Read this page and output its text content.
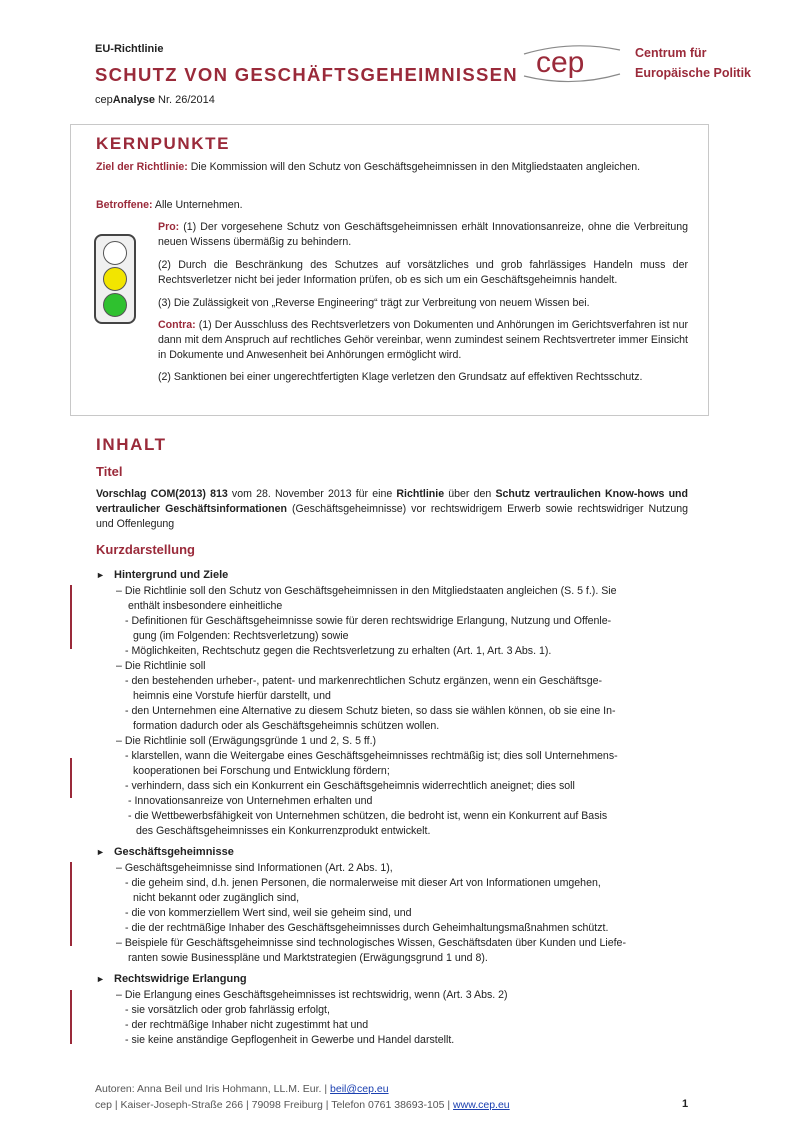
EU-Richtlinie
SCHUTZ VON GESCHÄFTSGEHEIMNISSEN
cepAnalyse Nr. 26/2014
cep	Centrum für
Europäische Politik
KERNPUNKTE
Ziel der Richtlinie: Die Kommission will den Schutz von Geschäftsgeheimnissen in den Mitgliedstaaten angleichen.
Betroffene: Alle Unternehmen.
Pro: (1) Der vorgesehene Schutz von Geschäftsgeheimnissen erhält Innovationsanreize, ohne die Verbreitung neuen Wissens übermäßig zu behindern.
(2) Durch die Beschränkung des Schutzes auf vorsätzliches und grob fahrlässiges Handeln muss der Rechtsverletzer nicht bei jeder Information prüfen, ob es sich um ein Geschäftsgeheimnis handelt.
(3) Die Zulässigkeit von „Reverse Engineering“ trägt zur Verbreitung von neuem Wissen bei.
Contra: (1) Der Ausschluss des Rechtsverletzers von Dokumenten und Anhörungen im Gerichtsverfahren ist nur dann mit dem Anspruch auf rechtliches Gehör vereinbar, wenn zumindest seinem Rechtsvertreter immer Einsicht in Dokumente und Anwesenheit bei Anhörungen ermöglicht wird.
(2) Sanktionen bei einer ungerechtfertigten Klage verletzen den Grundsatz auf effektiven Rechtsschutz.
INHALT
Titel
Vorschlag COM(2013) 813 vom 28. November 2013 für eine Richtlinie über den Schutz vertraulichen Know-hows und vertraulicher Geschäftsinformationen (Geschäftsgeheimnisse) vor rechtswidrigem Erwerb sowie rechtswidriger Nutzung und Offenlegung
Kurzdarstellung
► Hintergrund und Ziele
– Die Richtlinie soll den Schutz von Geschäftsgeheimnissen in den Mitgliedstaaten angleichen (S. 5 f.). Sie
enthält insbesondere einheitliche
- Definitionen für Geschäftsgeheimnisse sowie für deren rechtswidrige Erlangung, Nutzung und Offenle-
gung (im Folgenden: Rechtsverletzung) sowie
- Möglichkeiten, Rechtschutz gegen die Rechtsverletzung zu erhalten (Art. 1, Art. 3 Abs. 1).
– Die Richtlinie soll
- den bestehenden urheber-, patent- und markenrechtlichen Schutz ergänzen, wenn ein Geschäftsge-
heimnis eine Vorstufe hierfür darstellt, und
- den Unternehmen eine Alternative zu diesem Schutz bieten, so dass sie wählen können, ob sie eine In-
formation dadurch oder als Geschäftsgeheimnis schützen wollen.
– Die Richtlinie soll (Erwägungsgründe 1 und 2, S. 5 ff.)
- klarstellen, wann die Weitergabe eines Geschäftsgeheimnisses rechtmäßig ist; dies soll Unternehmens-
kooperationen bei Forschung und Entwicklung fördern;
- verhindern, dass sich ein Konkurrent ein Geschäftsgeheimnis widerrechtlich aneignet; dies soll
- Innovationsanreize von Unternehmen erhalten und
- die Wettbewerbsfähigkeit von Unternehmen schützen, die bedroht ist, wenn ein Konkurrent auf Basis
des Geschäftsgeheimnisses ein Konkurrenzprodukt entwickelt.
► Geschäftsgeheimnisse
– Geschäftsgeheimnisse sind Informationen (Art. 2 Abs. 1),
- die geheim sind, d.h. jenen Personen, die normalerweise mit dieser Art von Informationen umgehen,
nicht bekannt oder zugänglich sind,
- die von kommerziellem Wert sind, weil sie geheim sind, und
- die der rechtmäßige Inhaber des Geschäftsgeheimnisses durch Geheimhaltungsmaßnahmen schützt.
– Beispiele für Geschäftsgeheimnisse sind technologisches Wissen, Geschäftsdaten über Kunden und Liefe-
ranten sowie Businesspläne und Marktstrategien (Erwägungsgrund 1 und 8).
► Rechtswidrige Erlangung
– Die Erlangung eines Geschäftsgeheimnisses ist rechtswidrig, wenn (Art. 3 Abs. 2)
- sie vorsätzlich oder grob fahrlässig erfolgt,
- der rechtmäßige Inhaber nicht zugestimmt hat und
- sie keine anständige Gepflogenheit in Gewerbe und Handel darstellt.
Autoren: Anna Beil und Iris Hohmann, LL.M. Eur. | beil@cep.eu
cep | Kaiser-Joseph-Straße 266 | 79098 Freiburg | Telefon 0761 38693-105 | www.cep.eu	1
